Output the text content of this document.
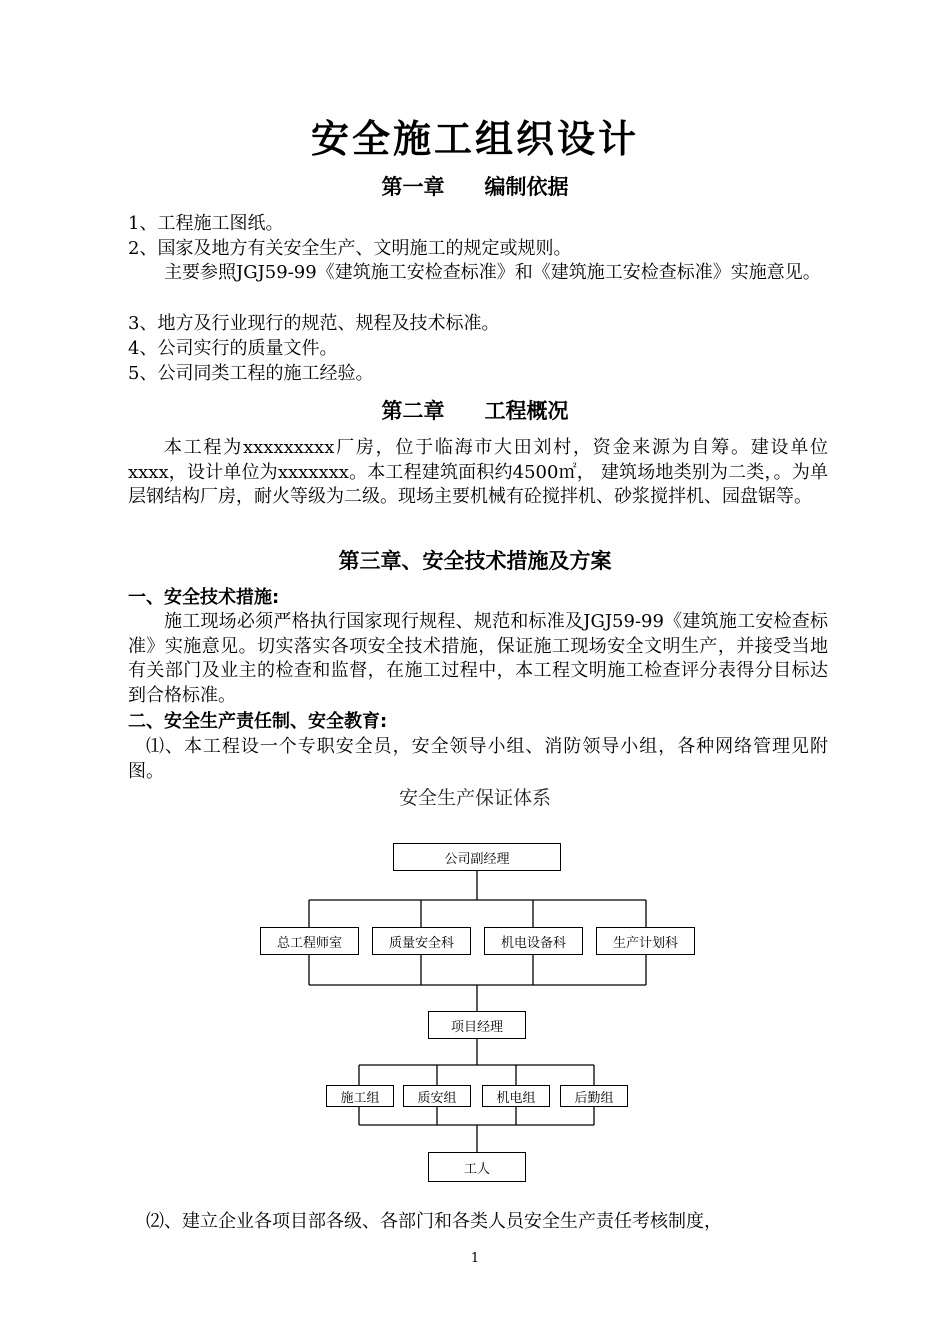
安全施工组织设计
第一章 编制依据
1、工程施工图纸。
2、国家及地方有关安全生产、文明施工的规定或规则。
主要参照JGJ59-99《建筑施工安检查标准》和《建筑施工安检查标准》实施意见。
3、地方及行业现行的规范、规程及技术标准。
4、公司实行的质量文件。
5、公司同类工程的施工经验。
第二章 工程概况
本工程为xxxxxxxxx厂房，位于临海市大田刘村，资金来源为自筹。建设单位xxxx，设计单位为xxxxxxx。本工程建筑面积约4500㎡， 建筑场地类别为二类，。为单层钢结构厂房，耐火等级为二级。现场主要机械有砼搅拌机、砂浆搅拌机、园盘锯等。
第三章、安全技术措施及方案
一、安全技术措施:
施工现场必须严格执行国家现行规程、规范和标准及JGJ59-99《建筑施工安检查标准》实施意见。切实落实各项安全技术措施，保证施工现场安全文明生产，并接受当地有关部门及业主的检查和监督，在施工过程中，本工程文明施工检查评分表得分目标达到合格标准。
二、安全生产责任制、安全教育:
⑴、本工程设一个专职安全员，安全领导小组、消防领导小组，各种网络管理见附图。
安全生产保证体系
公司副经理
总工程师室	质量安全科	机电设备科	生产计划科
项目经理
施工组	质安组	机电组	后勤组
工人
⑵、建立企业各项目部各级、各部门和各类人员安全生产责任考核制度，
1
